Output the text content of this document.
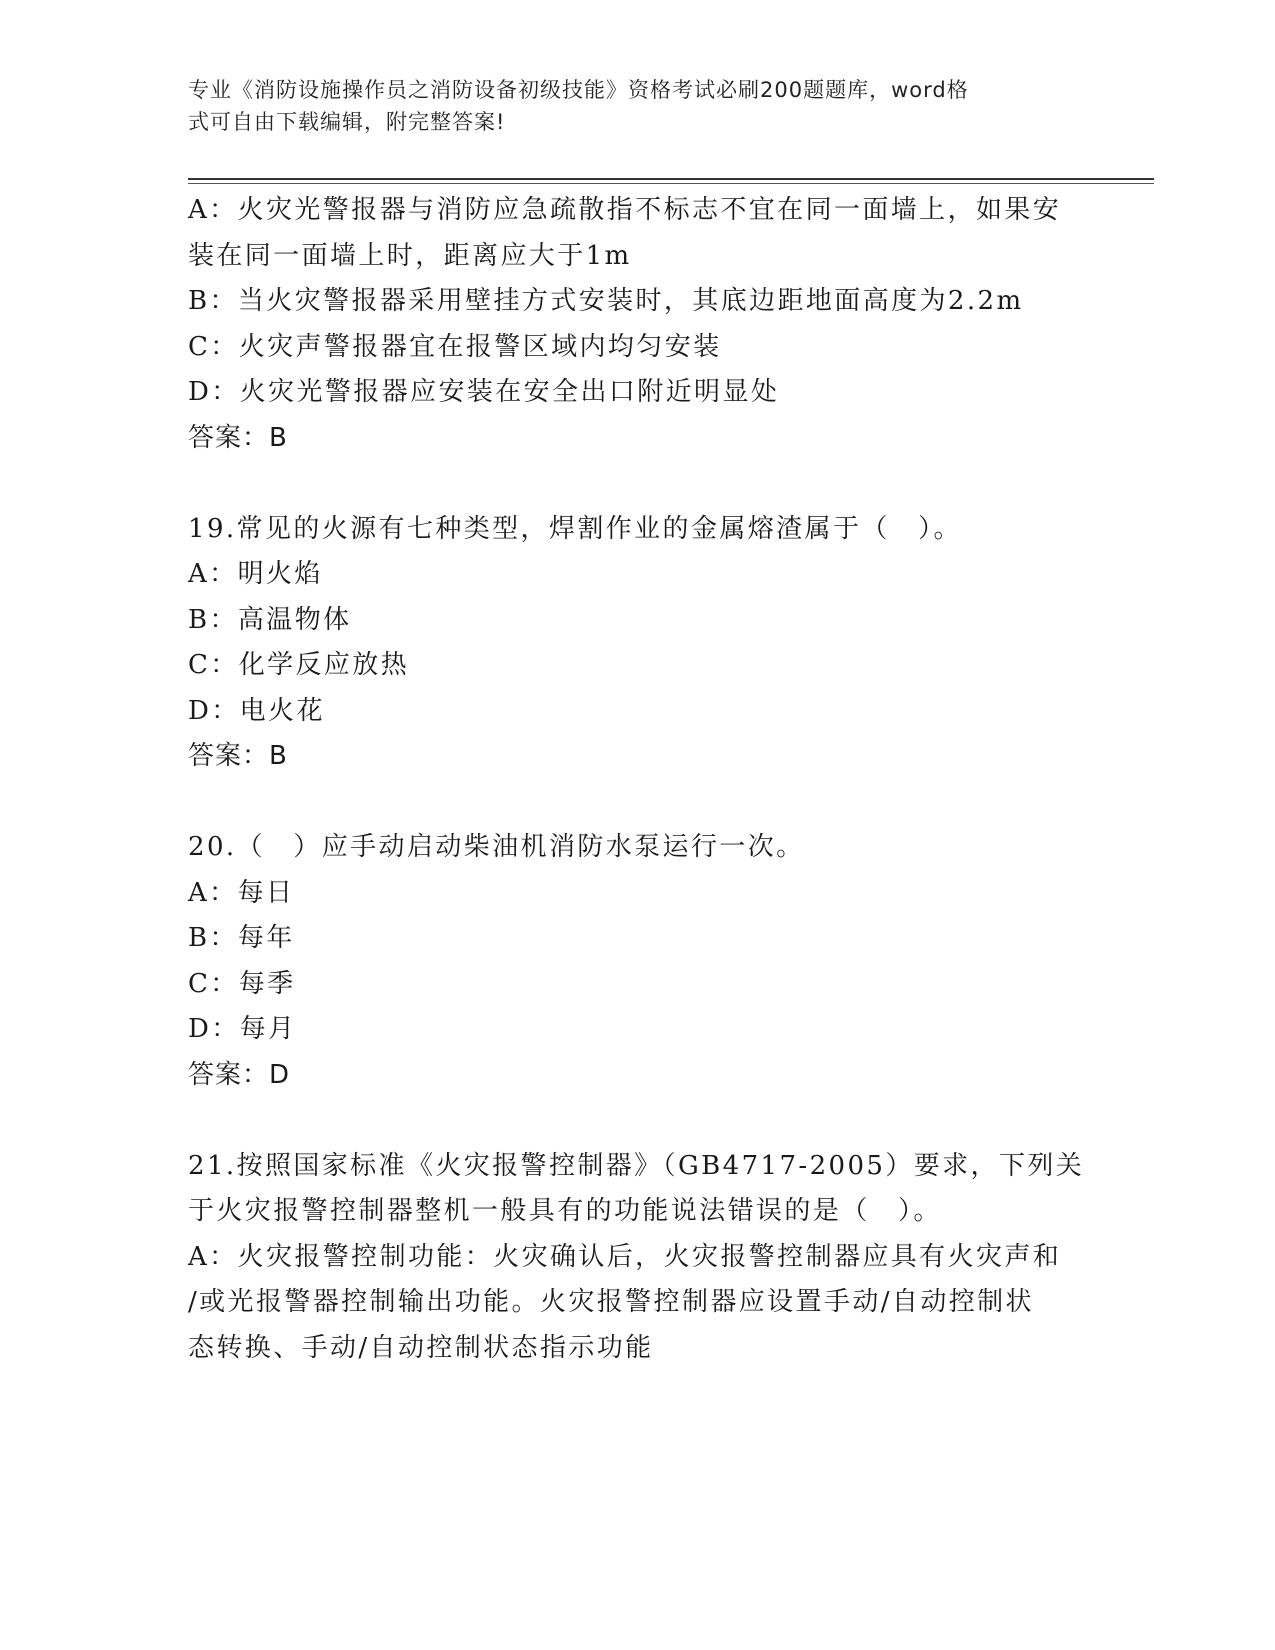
专业《消防设施操作员之消防设备初级技能》资格考试必刷200题题库，word格
式可自由下载编辑，附完整答案!
A：火灾光警报器与消防应急疏散指不标志不宜在同一面墙上，如果安
装在同一面墙上时，距离应大于1m
B：当火灾警报器采用壁挂方式安装时，其底边距地面高度为2.2m
C：火灾声警报器宜在报警区域内均匀安装
D：火灾光警报器应安装在安全出口附近明显处
答案：B
19.常见的火源有七种类型，焊割作业的金属熔渣属于（　）。
A：明火焰
B：高温物体
C：化学反应放热
D：电火花
答案：B
20.（　）应手动启动柴油机消防水泵运行一次。
A：每日
B：每年
C：每季
D：每月
答案：D
21.按照国家标准《火灾报警控制器》（GB4717-2005）要求，下列关
于火灾报警控制器整机一般具有的功能说法错误的是（　）。
A：火灾报警控制功能：火灾确认后，火灾报警控制器应具有火灾声和
/或光报警器控制输出功能。火灾报警控制器应设置手动/自动控制状
态转换、手动/自动控制状态指示功能
